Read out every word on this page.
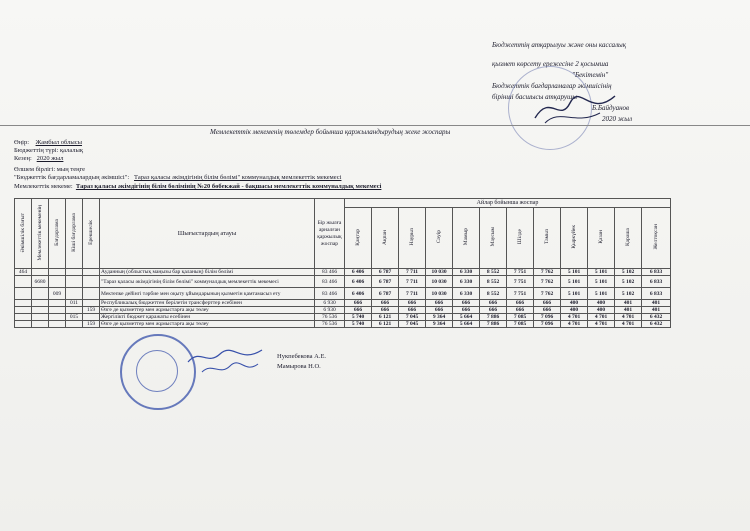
Бюджеттің атқарылуы және оны кассалық
қызмет көрсету ережесіне 2 қосымша
"Бекітемін"
Бюджеттік бағдарламалар әкімшісінің
бірінші басшысы атқарушы
Б.Байдуанов
2020 жыл
Мемлекеттік мекеменің төлемдер бойынша қаржыландырудың жеке жоспары
Өңір: Жамбыл облысы
Бюджеттің түрі: қалалық
Кезең: 2020 жыл
Өлшем бірлігі: мың теңге
"Бюджеттік бағдарламалардың әкімшісі": Тараз қаласы әкімдігінің білім бөлімі" коммуналдық мемлекеттік мекемесі
Мемлекеттік мекеме: Тараз қаласы әкімдігінің білім бөлімінің №20 бөбекжай - бақшасы мемлекеттік коммуналдық мекемесі
Әкімшілік бағыт	Мемлекеттік мекеменің	Бағдарлама	Кіші бағдарлама	Ерекшелік	Шығыстардың атауы	Бір жылға арналған қаржылық жоспар	Айлар бойынша жоспар											
							Қаңтар	Ақпан	Наурыз	Сәуір	Мамыр	Маусым	Шілде	Тамыз	Қыркүйек	Қазан	Қараша	Желтоқсан
464					Ауданның (облыстық маңызы бар қаланың) білім бөлімі	83 466	6 406	6 787	7 711	10 030	6 330	8 552	7 751	7 762	5 101	5 101	5 102	6 833
	6680				"Тараз қаласы әкімдігінің білім бөлімі" коммуналдық мемлекеттік мекемесі	83 466	6 406	6 787	7 711	10 030	6 330	8 552	7 751	7 762	5 101	5 101	5 102	6 833
		009			Мектепке дейінгі тәрбие мен оқыту ұйымдарының қызметін қамтамасыз ету	83 466	6 406	6 787	7 711	10 030	6 330	8 552	7 751	7 762	5 101	5 101	5 102	6 833
			011		Республикалық бюджеттен берілетін трансферттер есебінен	6 930	666	666	666	666	666	666	666	666	400	400	401	401
				159	Өзге де қызметтер мен жұмыстарға ақы төлеу	6 930	666	666	666	666	666	666	666	666	400	400	401	401
			015		Жергілікті бюджет қаражаты есебінен	76 536	5 740	6 121	7 045	9 364	5 664	7 886	7 085	7 096	4 701	4 701	4 701	6 432
				159	Өзге де қызметтер мен жұмыстарға ақы төлеу	76 536	5 740	6 121	7 045	9 364	5 664	7 886	7 085	7 096	4 701	4 701	4 701	6 432
Нукпебекова А.Е.
Мамырова Н.О.
